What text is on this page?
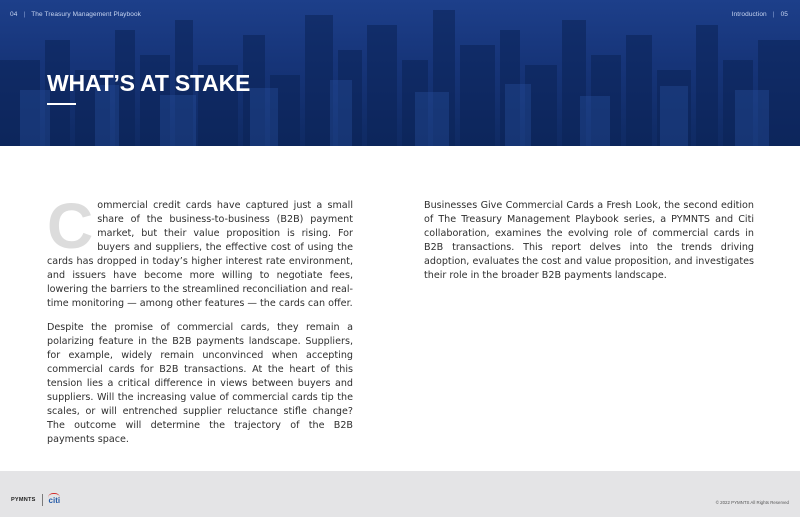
04 | The Treasury Management Playbook	Introduction | 05
WHAT’S AT STAKE

Commercial credit cards have captured just a small share of the business-to-business (B2B) payment market, but their value proposition is rising. For buyers and suppliers, the effective cost of using the cards has dropped in today’s higher interest rate environment, and issuers have become more willing to negotiate fees, lowering the barriers to the streamlined reconciliation and real-time monitoring — among other features — the cards can offer.

Despite the promise of commercial cards, they remain a polarizing feature in the B2B payments landscape. Suppliers, for example, widely remain unconvinced when accepting commercial cards for B2B transactions. At the heart of this tension lies a critical difference in views between buyers and suppliers. Will the increasing value of commercial cards tip the scales, or will entrenched supplier reluctance stifle change? The outcome will determine the trajectory of the B2B payments space.

Businesses Give Commercial Cards a Fresh Look, the second edition of The Treasury Management Playbook series, a PYMNTS and Citi collaboration, examines the evolving role of commercial cards in B2B transactions. This report delves into the trends driving adoption, evaluates the cost and value proposition, and investigates their role in the broader B2B payments landscape.

PYMNTS citi	© 2022 PYMNTS All Rights Reserved
